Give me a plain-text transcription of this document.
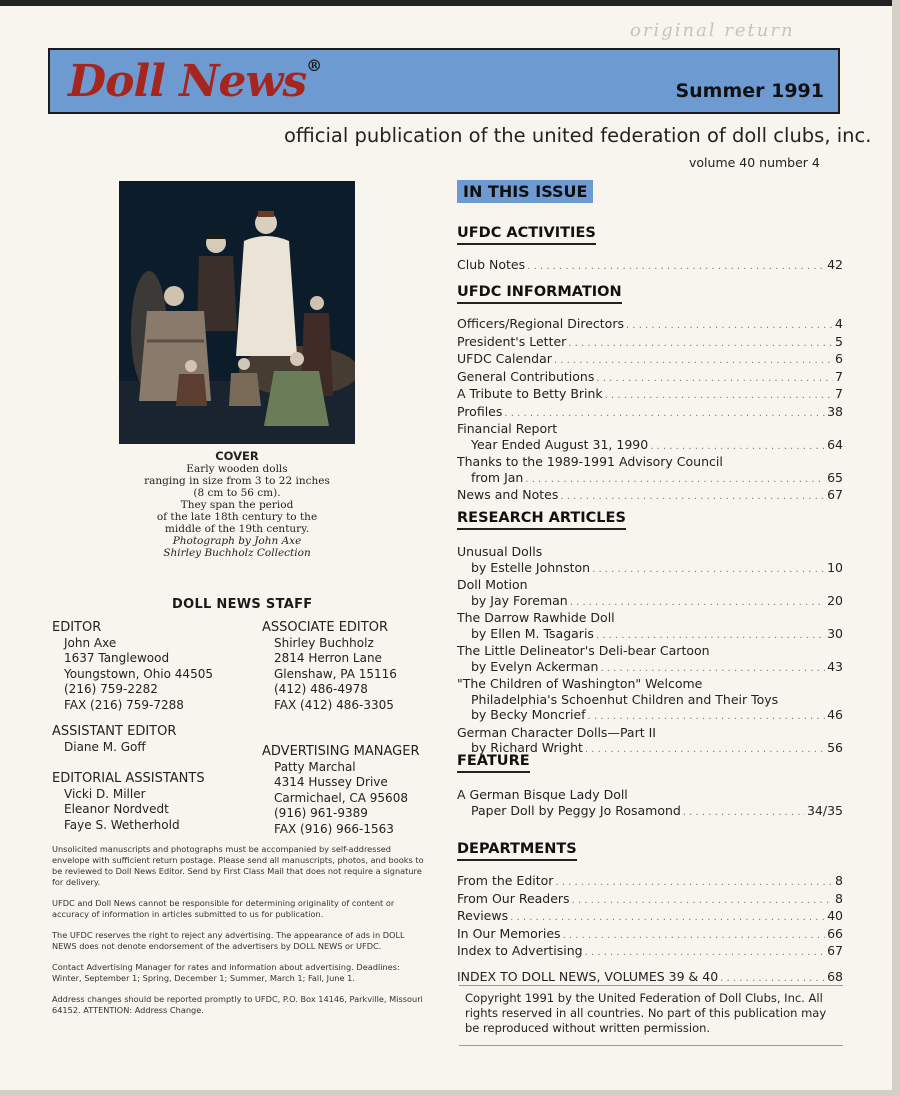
original return
Doll News®
Summer 1991
official publication of the united federation of doll clubs, inc.
volume 40 number 4
COVER
Early wooden dolls
ranging in size from 3 to 22 inches
(8 cm to 56 cm).
They span the period
of the late 18th century to the
middle of the 19th century.
Photograph by John Axe
Shirley Buchholz Collection
DOLL NEWS STAFF
EDITOR
John Axe
1637 Tanglewood
Youngstown, Ohio 44505
(216) 759-2282
FAX (216) 759-7288
ASSOCIATE EDITOR
Shirley Buchholz
2814 Herron Lane
Glenshaw, PA 15116
(412) 486-4978
FAX (412) 486-3305
ASSISTANT EDITOR
Diane M. Goff	ADVERTISING MANAGER
Patty Marchal
4314 Hussey Drive
Carmichael, CA 95608
(916) 961-9389
FAX (916) 966-1563
EDITORIAL ASSISTANTS
Vicki D. Miller
Eleanor Nordvedt
Faye S. Wetherhold

Unsolicited manuscripts and photographs must be accompanied by self-addressed envelope with sufficient return postage. Please send all manuscripts, photos, and books to be reviewed to Doll News Editor. Send by First Class Mail that does not require a signature for delivery.

UFDC and Doll News cannot be responsible for determining originality of content or accuracy of information in articles submitted to us for publication.

The UFDC reserves the right to reject any advertising. The appearance of ads in DOLL NEWS does not denote endorsement of the advertisers by DOLL NEWS or UFDC.

Contact Advertising Manager for rates and information about advertising. Deadlines: Winter, September 1; Spring, December 1; Summer, March 1; Fall, June 1.

Address changes should be reported promptly to UFDC, P.O. Box 14146, Parkville, Missouri 64152. ATTENTION: Address Change.

IN THIS ISSUE
UFDC ACTIVITIES
Club Notes . . .	42
UFDC INFORMATION
Officers/Regional Directors . . .	4
President's Letter . . .	5
UFDC Calendar . . .	6
General Contributions . . .	7
A Tribute to Betty Brink . . .	7
Profiles . . .	38
Financial Report
Year Ended August 31, 1990 . . .	64
Thanks to the 1989-1991 Advisory Council
from Jan . . .	65
News and Notes . . .	67
RESEARCH ARTICLES
Unusual Dolls
by Estelle Johnston . . .	10
Doll Motion
by Jay Foreman . . .	20
The Darrow Rawhide Doll
by Ellen M. Tsagaris . . .	30
The Little Delineator's Deli-bear Cartoon
by Evelyn Ackerman . . .	43
"The Children of Washington" Welcome
Philadelphia's Schoenhut Children and Their Toys
by Becky Moncrief . . .	46
German Character Dolls—Part II
by Richard Wright . . .	56
FEATURE
A German Bisque Lady Doll
Paper Doll by Peggy Jo Rosamond . . .	34/35
DEPARTMENTS
From the Editor . . .	8
From Our Readers . . .	8
Reviews . . .	40
In Our Memories . . .	66
Index to Advertising . . .	67
INDEX TO DOLL NEWS, VOLUMES 39 & 40 . . .	68
Copyright 1991 by the United Federation of Doll Clubs, Inc. All rights reserved in all countries. No part of this publication may be reproduced without written permission.
